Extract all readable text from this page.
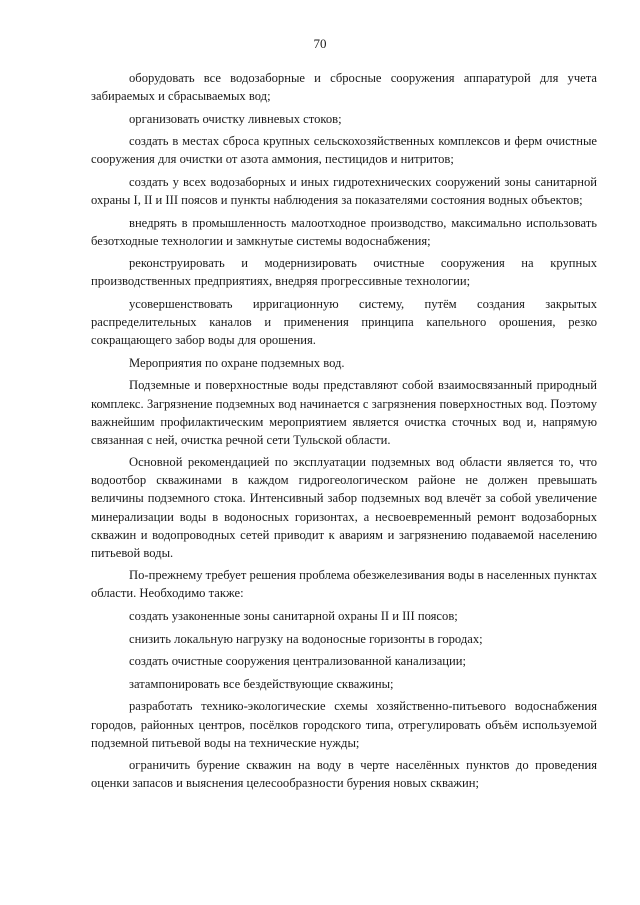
70

оборудовать все водозаборные и сбросные сооружения аппаратурой для учета забираемых и сбрасываемых вод;

организовать очистку ливневых стоков;

создать в местах сброса крупных сельскохозяйственных комплексов и ферм очистные сооружения для очистки от азота аммония, пестицидов и нитритов;

создать у всех водозаборных и иных гидротехнических сооружений зоны санитарной охраны I, II и III поясов и пункты наблюдения за показателями состояния водных объектов;

внедрять в промышленность малоотходное производство, максимально использовать безотходные технологии и замкнутые системы водоснабжения;

реконструировать и модернизировать очистные сооружения на крупных производственных предприятиях, внедряя прогрессивные технологии;

усовершенствовать ирригационную систему, путём создания закрытых распределительных каналов и применения принципа капельного орошения, резко сокращающего забор воды для орошения.

Мероприятия по охране подземных вод.

Подземные и поверхностные воды представляют собой взаимосвязанный природный комплекс. Загрязнение подземных вод начинается с загрязнения поверхностных вод. Поэтому важнейшим профилактическим мероприятием является очистка сточных вод и, напрямую связанная с ней, очистка речной сети Тульской области.

Основной рекомендацией по эксплуатации подземных вод области является то, что водоотбор скважинами в каждом гидрогеологическом районе не должен превышать величины подземного стока. Интенсивный забор подземных вод влечёт за собой увеличение минерализации воды в водоносных горизонтах, а несвоевременный ремонт водозаборных скважин и водопроводных сетей приводит к авариям и загрязнению подаваемой населению питьевой воды.

По-прежнему требует решения проблема обезжелезивания воды в населенных пунктах области. Необходимо также:

создать узаконенные зоны санитарной охраны II и III поясов;

снизить локальную нагрузку на водоносные горизонты в городах;

создать очистные сооружения централизованной канализации;

затампонировать все бездействующие скважины;

разработать технико-экологические схемы хозяйственно-питьевого водоснабжения городов, районных центров, посёлков городского типа, отрегулировать объём используемой подземной питьевой воды на технические нужды;

ограничить бурение скважин на воду в черте населённых пунктов до проведения оценки запасов и выяснения целесообразности бурения новых скважин;
